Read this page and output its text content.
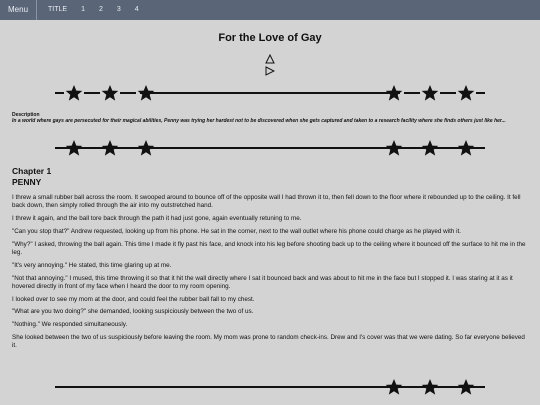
Menu	TITLE	1	2	3	4
For the Love of Gay
Description
In a world where gays are persecuted for their magical abilities, Penny was trying her hardest not to be discovered when she gets captured and taken to a research facility where she finds others just like her...
Chapter 1
PENNY

I threw a small rubber ball across the room. It swooped around to bounce off of the opposite wall I had thrown it to, then fell down to the floor where it rebounded up to the ceiling. It fell back down, then simply rolled through the air into my outstretched hand.

I threw it again, and the ball tore back through the path it had just gone, again eventually retuning to me.

"Can you stop that?" Andrew requested, looking up from his phone. He sat in the corner, next to the wall outlet where his phone could charge as he played with it.

"Why?" I asked, throwing the ball again. This time I made it fly past his face, and knock into his leg before shooting back up to the ceiling where it bounced off the surface to hit me in the leg.

"It's very annoying." He stated, this time glaring up at me.

"Not that annoying." I mused, this time throwing it so that it hit the wall directly where I sat it bounced back and was about to hit me in the face but I stopped it. I was staring at it as it hovered directly in front of my face when I heard the door to my room opening.

I looked over to see my mom at the door, and could feel the rubber ball fall to my chest.

"What are you two doing?" she demanded, looking suspiciously between the two of us.

"Nothing." We responded simultaneously.

She looked between the two of us suspiciously before leaving the room. My mom was prone to random check-ins. Drew and I's cover was that we were dating. So far everyone believed it.
